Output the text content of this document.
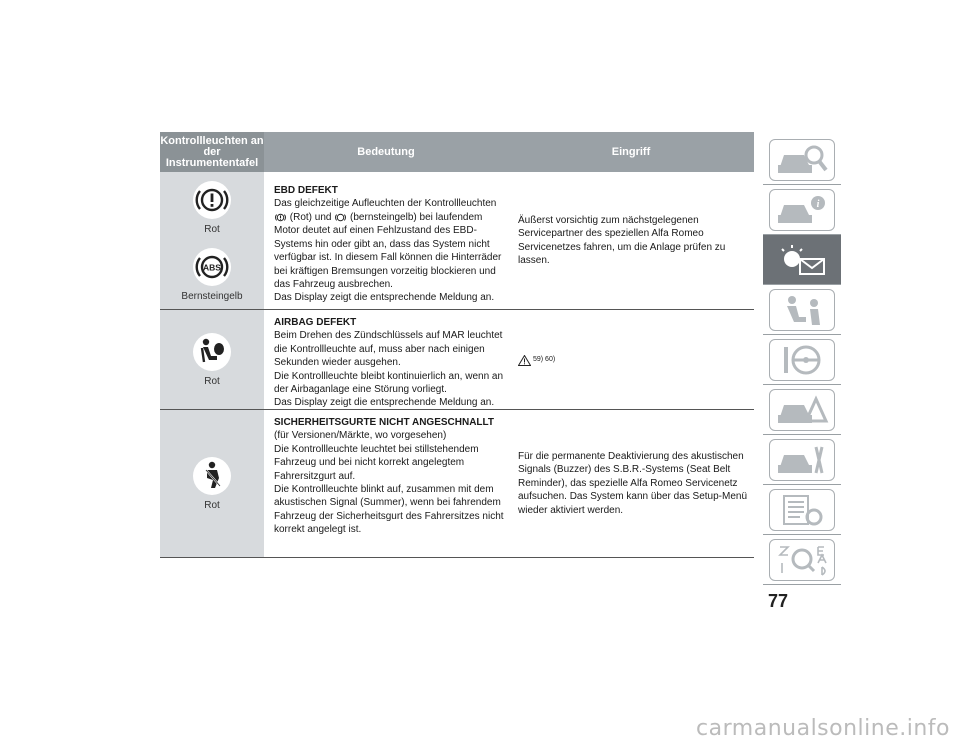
Kontrollleuchten an der Instrumententafel
Bedeutung	Eingriff
Rot
ABS
Bernsteingelb
EBD DEFEKT
Das gleichzeitige Aufleuchten der Kontrollleuchten
(Rot) und (bernsteingelb) bei laufendem Motor deutet auf einen Fehlzustand des EBD-Systems hin oder gibt an, dass das System nicht verfügbar ist. In diesem Fall können die Hinterräder bei kräftigen Bremsungen vorzeitig blockieren und das Fahrzeug ausbrechen.
Das Display zeigt die entsprechende Meldung an.
Äußerst vorsichtig zum nächstgelegenen Servicepartner des speziellen Alfa Romeo Servicenetzes fahren, um die Anlage prüfen zu lassen.
Rot
AIRBAG DEFEKT
Beim Drehen des Zündschlüssels auf MAR leuchtet die Kontrollleuchte auf, muss aber nach einigen Sekunden wieder ausgehen.
Die Kontrollleuchte bleibt kontinuierlich an, wenn an der Airbaganlage eine Störung vorliegt.
Das Display zeigt die entsprechende Meldung an.
59) 60)
Rot
SICHERHEITSGURTE NICHT ANGESCHNALLT
(für Versionen/Märkte, wo vorgesehen)
Die Kontrollleuchte leuchtet bei stillstehendem Fahrzeug und bei nicht korrekt angelegtem Fahrersitzgurt auf.
Die Kontrollleuchte blinkt auf, zusammen mit dem akustischen Signal (Summer), wenn bei fahrendem Fahrzeug der Sicherheitsgurt des Fahrersitzes nicht korrekt angelegt ist.
Für die permanente Deaktivierung des akustischen Signals (Buzzer) des S.B.R.-Systems (Seat Belt Reminder), das spezielle Alfa Romeo Servicenetz aufsuchen. Das System kann über das Setup-Menü wieder aktiviert werden.
i
77
carmanualsonline.info
